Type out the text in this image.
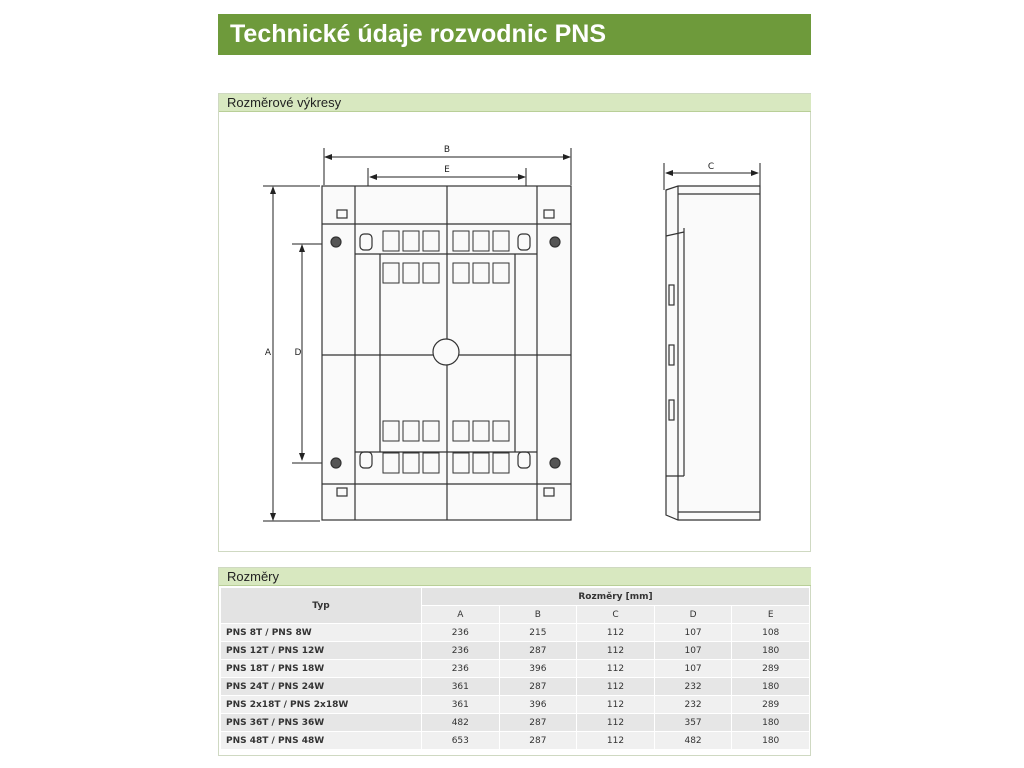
Technické údaje rozvodnic PNS
Rozměrové výkresy
B
E
A	D
C
Rozměry
Typ	Rozměry [mm]				
	A	B	C	D	E
PNS 8T / PNS 8W	236	215	112	107	108
PNS 12T / PNS 12W	236	287	112	107	180
PNS 18T / PNS 18W	236	396	112	107	289
PNS 24T / PNS 24W	361	287	112	232	180
PNS 2x18T / PNS 2x18W	361	396	112	232	289
PNS 36T / PNS 36W	482	287	112	357	180
PNS 48T / PNS 48W	653	287	112	482	180
